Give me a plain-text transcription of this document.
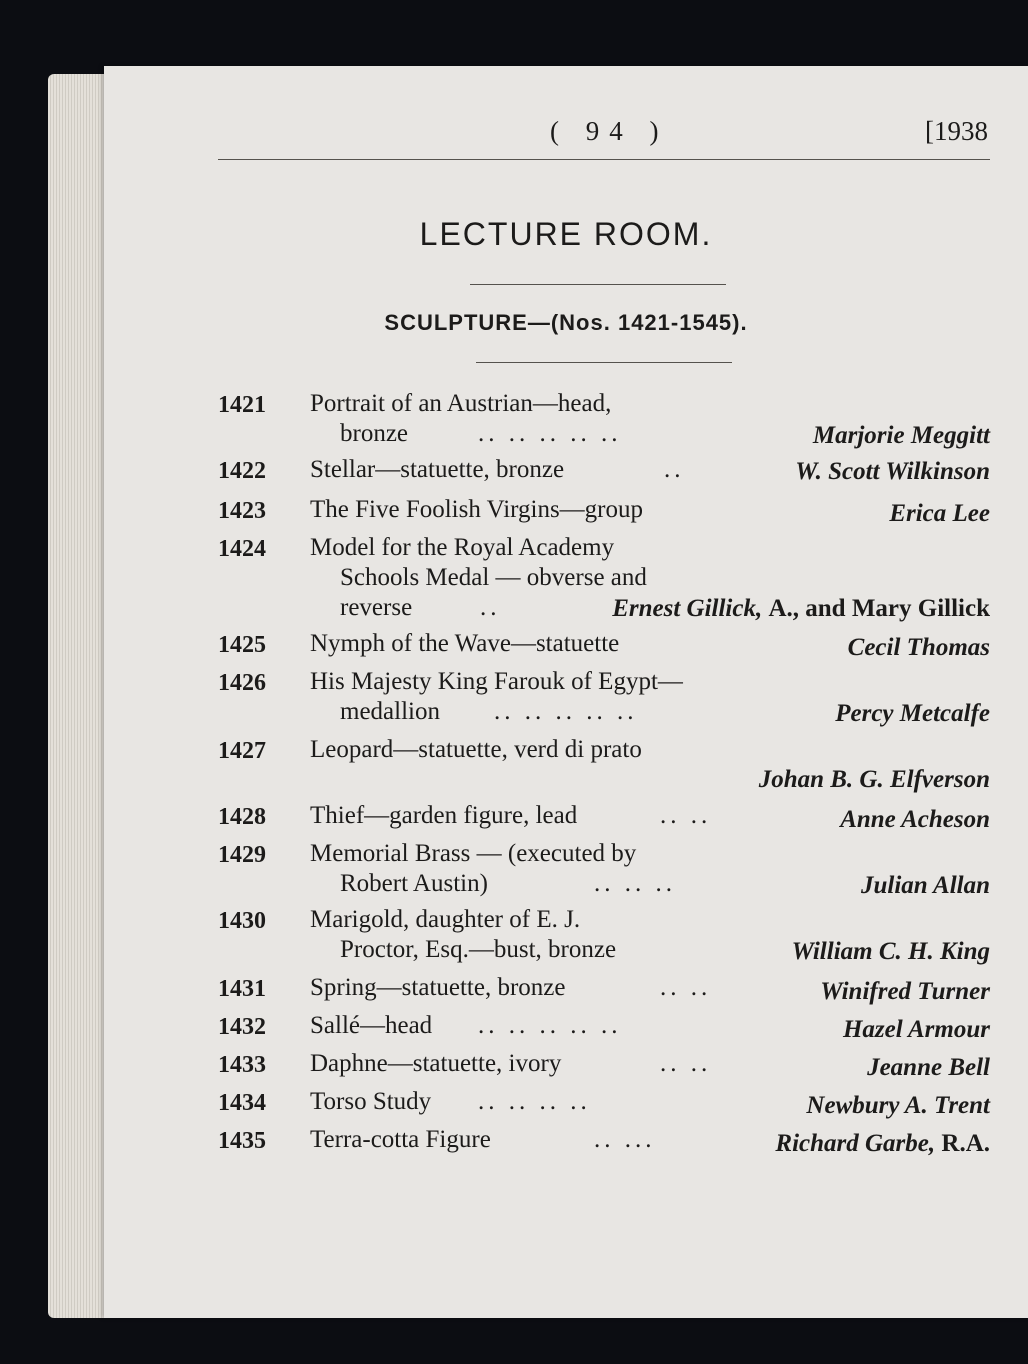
( 94 )	[1938
LECTURE ROOM.
SCULPTURE—(Nos. 1421-1545).
1421 Portrait of an Austrian—head,
bronze	.. .. .. .. ..	Marjorie Meggitt
1422 Stellar—statuette, bronze	..	W. Scott Wilkinson
1423 The Five Foolish Virgins—group	Erica Lee
1424 Model for the Royal Academy
Schools Medal — obverse and
reverse	..	Ernest Gillick, A., and Mary Gillick
1425 Nymph of the Wave—statuette	Cecil Thomas
1426 His Majesty King Farouk of Egypt—
medallion .. .. .. .. ..	Percy Metcalfe
1427 Leopard—statuette, verd di prato
Johan B. G. Elfverson
1428 Thief—garden figure, lead	.. ..	Anne Acheson
1429 Memorial Brass — (executed by
Robert Austin)	.. .. ..	Julian Allan
1430 Marigold, daughter of E. J.
Proctor, Esq.—bust, bronze	William C. H. King
1431 Spring—statuette, bronze	.. ..	Winifred Turner
1432 Sallé—head .. .. .. .. ..	Hazel Armour
1433 Daphne—statuette, ivory	.. ..	Jeanne Bell
1434 Torso Study .. .. .. ..	Newbury A. Trent
1435 Terra-cotta Figure	.. ...	Richard Garbe, R.A.
